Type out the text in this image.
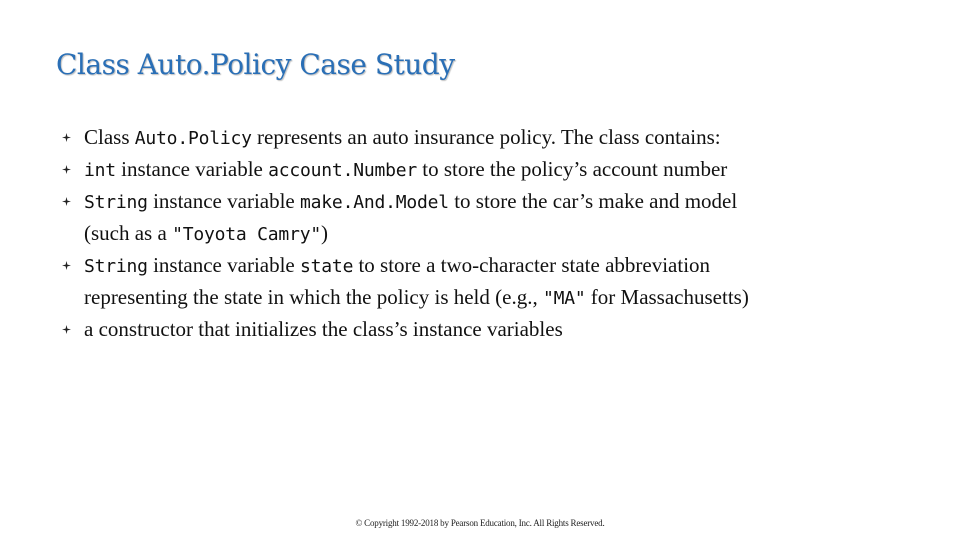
Class Auto.Policy Case Study
Class Auto.Policy represents an auto insurance policy. The class contains:
int instance variable account.Number to store the policy’s account number
String instance variable make.And.Model to store the car’s make and model
(such as a "Toyota Camry")
String instance variable state to store a two-character state abbreviation
representing the state in which the policy is held (e.g., "MA" for Massachusetts)
a constructor that initializes the class’s instance variables
© Copyright 1992-2018 by Pearson Education, Inc. All Rights Reserved.
